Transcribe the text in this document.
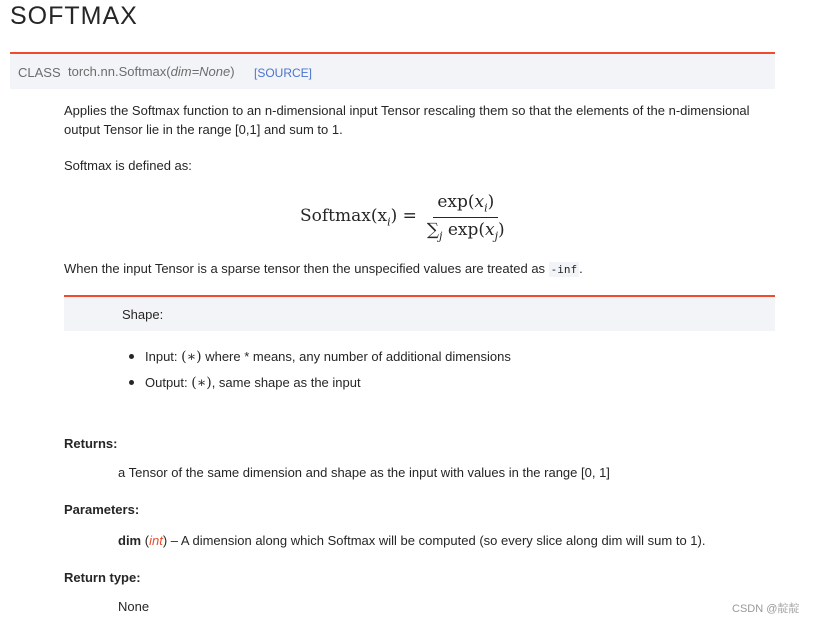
SOFTMAX
CLASS torch.nn.Softmax(dim=None) [SOURCE]
Applies the Softmax function to an n-dimensional input Tensor rescaling them so that the elements of the n-dimensional
output Tensor lie in the range [0,1] and sum to 1.
Softmax is defined as:
$Softmax(x_i) = \frac{\exp(x_i)}{\sum_j \exp(x_j)}$
When the input Tensor is a sparse tensor then the unspecified values are treated as -inf .
Shape:
Input: (∗) where * means, any number of additional dimensions
Output: (∗), same shape as the input
Returns:
a Tensor of the same dimension and shape as the input with values in the range [0, 1]
Parameters:
dim (int) – A dimension along which Softmax will be computed (so every slice along dim will sum to 1).
Return type:
None	CSDN @靛靛
